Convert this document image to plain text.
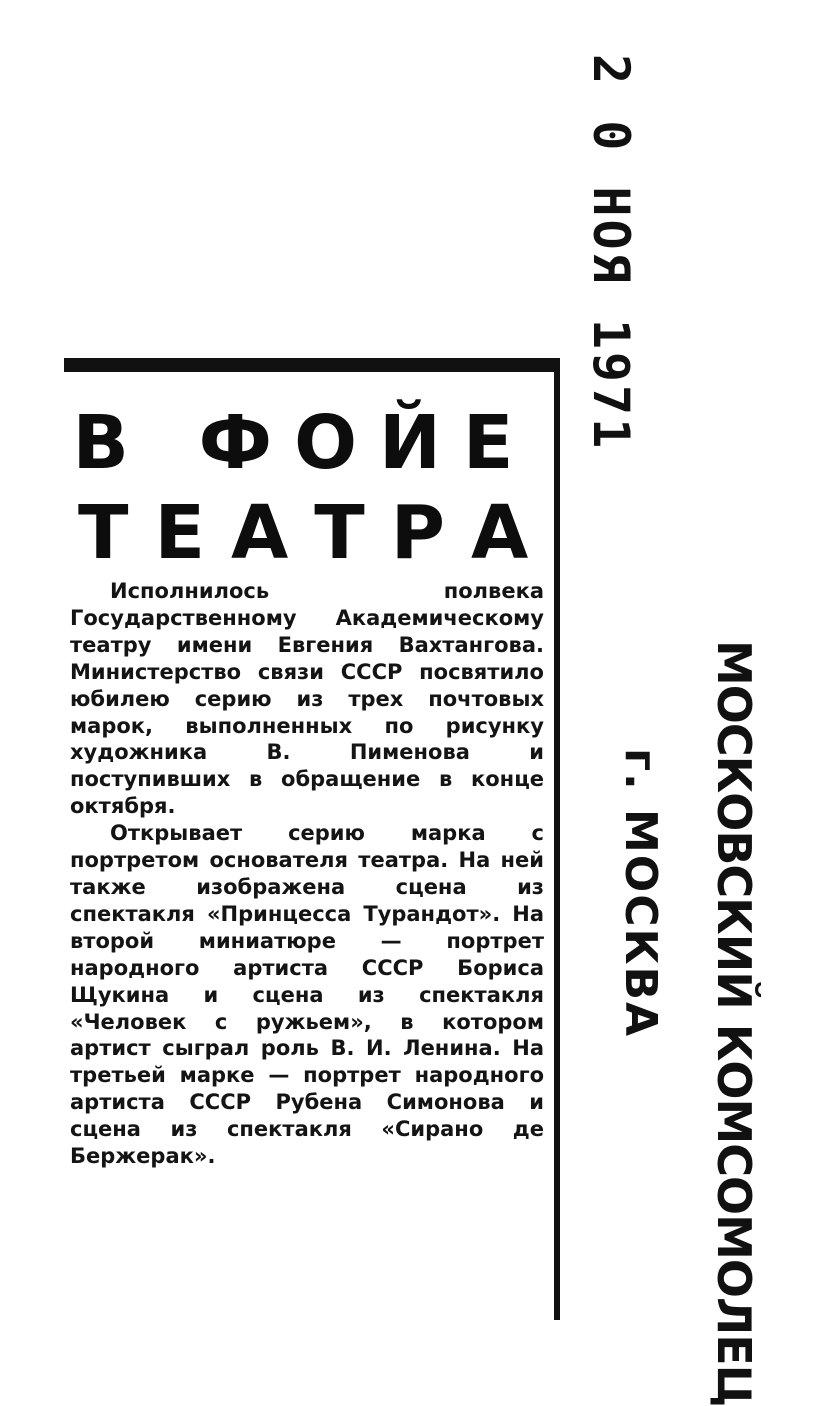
В ФОЙЕ
ТЕАТРА

Исполнилось полвека Государственному Академическому театру имени Евгения Вахтангова. Министерство связи СССР посвятило юбилею серию из трех почтовых марок, выполненных по рисунку художника В. Пименова и поступивших в обращение в конце октября.

Открывает серию марка с портретом основателя театра. На ней также изображена сцена из спектакля «Принцесса Турандот». На второй миниатюре — портрет народного артиста СССР Бориса Щукина и сцена из спектакля «Человек с ружьем», в котором артист сыграл роль В. И. Ленина. На третьей марке — портрет народного артиста СССР Рубена Симонова и сцена из спектакля «Сирано де Бержерак».

2 0 НОЯ 1971
МОСКОВСКИЙ КОМСОМОЛЕЦ
г. МОСКВА
